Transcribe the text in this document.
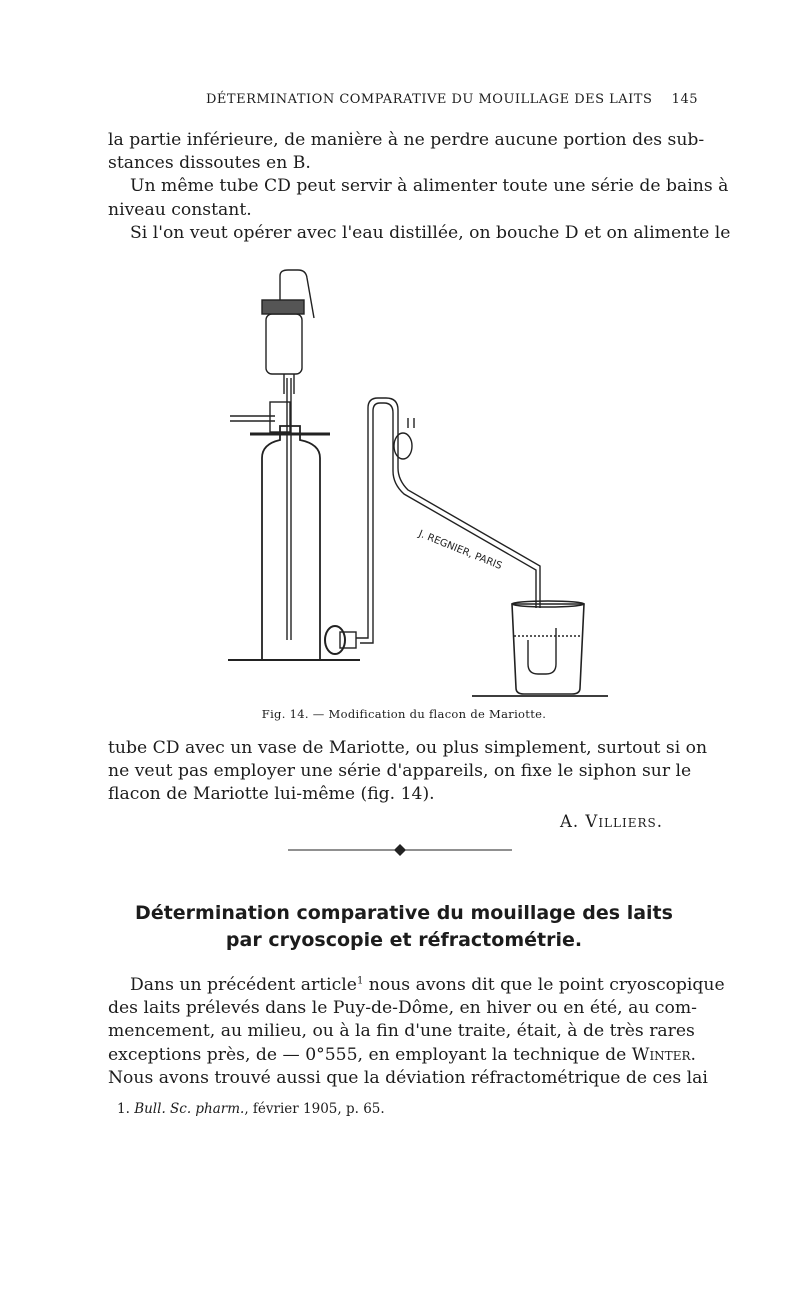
DÉTERMINATION COMPARATIVE DU MOUILLAGE DES LAITS 145
la partie inférieure, de manière à ne perdre aucune portion des sub-
stances dissoutes en B.
Un même tube CD peut servir à alimenter toute une série de bains à
niveau constant.
Si l'on veut opérer avec l'eau distillée, on bouche D et on alimente le
J. REGNIER, PARIS
Fig. 14. — Modification du flacon de Mariotte.
tube CD avec un vase de Mariotte, ou plus simplement, surtout si on
ne veut pas employer une série d'appareils, on fixe le siphon sur le
flacon de Mariotte lui-même (fig. 14).
A. Villiers.
Détermination comparative du mouillage des laits
par cryoscopie et réfractométrie.
Dans un précédent article$^1$ nous avons dit que le point cryoscopique
des laits prélevés dans le Puy-de-Dôme, en hiver ou en été, au com-
mencement, au milieu, ou à la fin d'une traite, était, à de très rares
exceptions près, de — 0°555, en employant la technique de Winter.
Nous avons trouvé aussi que la déviation réfractométrique de ces lai
1. Bull. Sc. pharm., février 1905, p. 65.
